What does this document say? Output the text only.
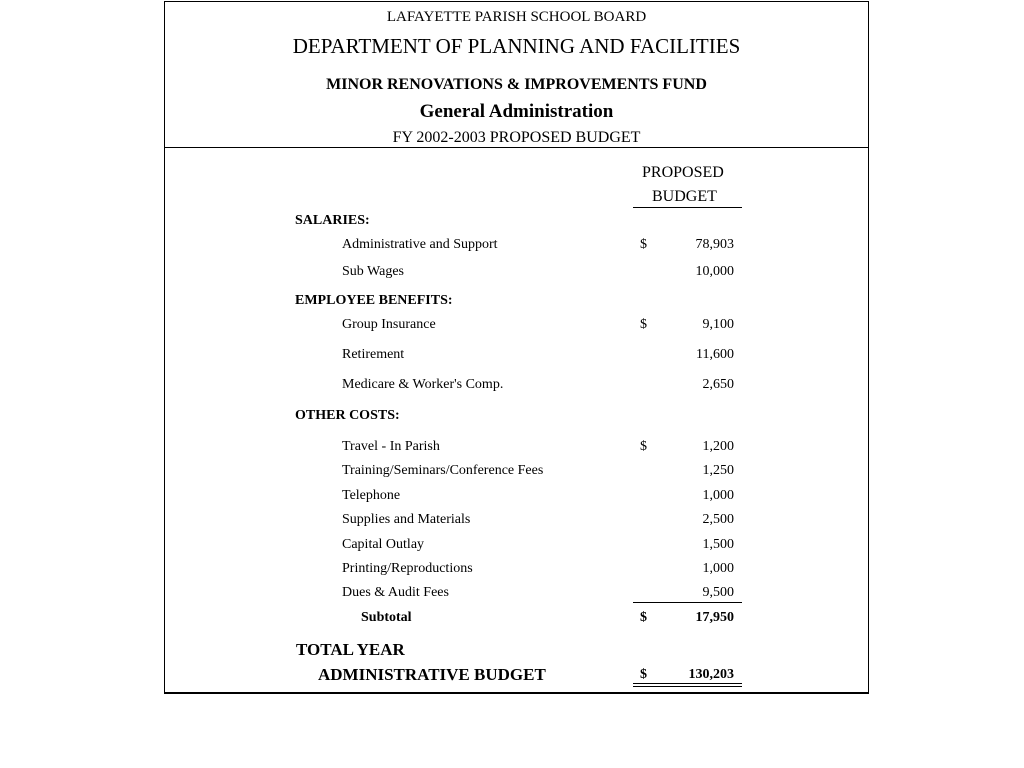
LAFAYETTE PARISH SCHOOL BOARD
DEPARTMENT OF PLANNING AND FACILITIES
MINOR RENOVATIONS & IMPROVEMENTS FUND
General Administration
FY 2002-2003 PROPOSED BUDGET
PROPOSED
BUDGET
SALARIES:
Administrative and Support	$	78,903
Sub Wages	10,000
EMPLOYEE BENEFITS:
Group Insurance	$	9,100
Retirement	11,600
Medicare & Worker's Comp.	2,650
OTHER COSTS:
Travel - In Parish	$	1,200
Training/Seminars/Conference Fees	1,250
Telephone	1,000
Supplies and Materials	2,500
Capital Outlay	1,500
Printing/Reproductions	1,000
Dues & Audit Fees	9,500
Subtotal	$	17,950
TOTAL YEAR
ADMINISTRATIVE BUDGET	$	130,203
